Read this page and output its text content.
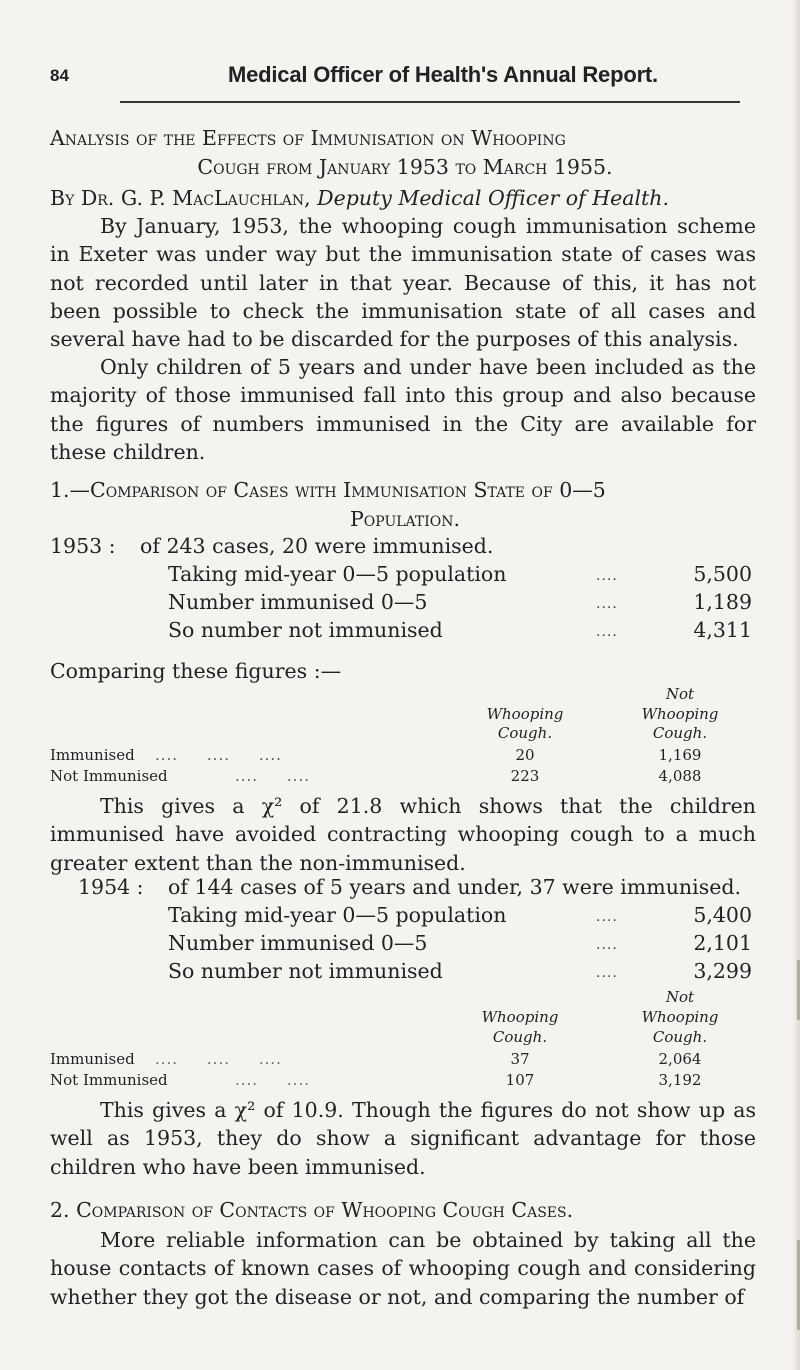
84	Medical Officer of Health's Annual Report.
Analysis of the Effects of Immunisation on Whooping
Cough from January 1953 to March 1955.
By Dr. G. P. MacLauchlan, Deputy Medical Officer of Health.
By January, 1953, the whooping cough immunisation scheme in Exeter was under way but the immunisation state of cases was not recorded until later in that year. Because of this, it has not been possible to check the immunisation state of all cases and several have had to be discarded for the purposes of this analysis.
Only children of 5 years and under have been included as the majority of those immunised fall into this group and also because the figures of numbers immunised in the City are available for these children.
1.—Comparison of Cases with Immunisation State of 0—5
Population.
1953 : of 243 cases, 20 were immunised.
Taking mid-year 0—5 population	....	5,500
Number immunised 0—5	....	1,189
So number not immunised	....	4,311
Comparing these figures :—
Not
Whooping	Whooping
Cough.	Cough.
Immunised ....     ....     ....	20	1,169
Not Immunised	....     ....	223	4,088
This gives a χ² of 21.8 which shows that the children immunised have avoided contracting whooping cough to a much greater extent than the non-immunised.
1954 : of 144 cases of 5 years and under, 37 were immunised.
Taking mid-year 0—5 population	....	5,400
Number immunised 0—5	....	2,101
So number not immunised	....	3,299
Not
Whooping	Whooping
Cough.	Cough.
Immunised ....     ....     ....	37	2,064
Not Immunised	....     ....	107	3,192
This gives a χ² of 10.9. Though the figures do not show up as well as 1953, they do show a significant advantage for those children who have been immunised.
2. Comparison of Contacts of Whooping Cough Cases.
More reliable information can be obtained by taking all the house contacts of known cases of whooping cough and considering whether they got the disease or not, and comparing the number of
